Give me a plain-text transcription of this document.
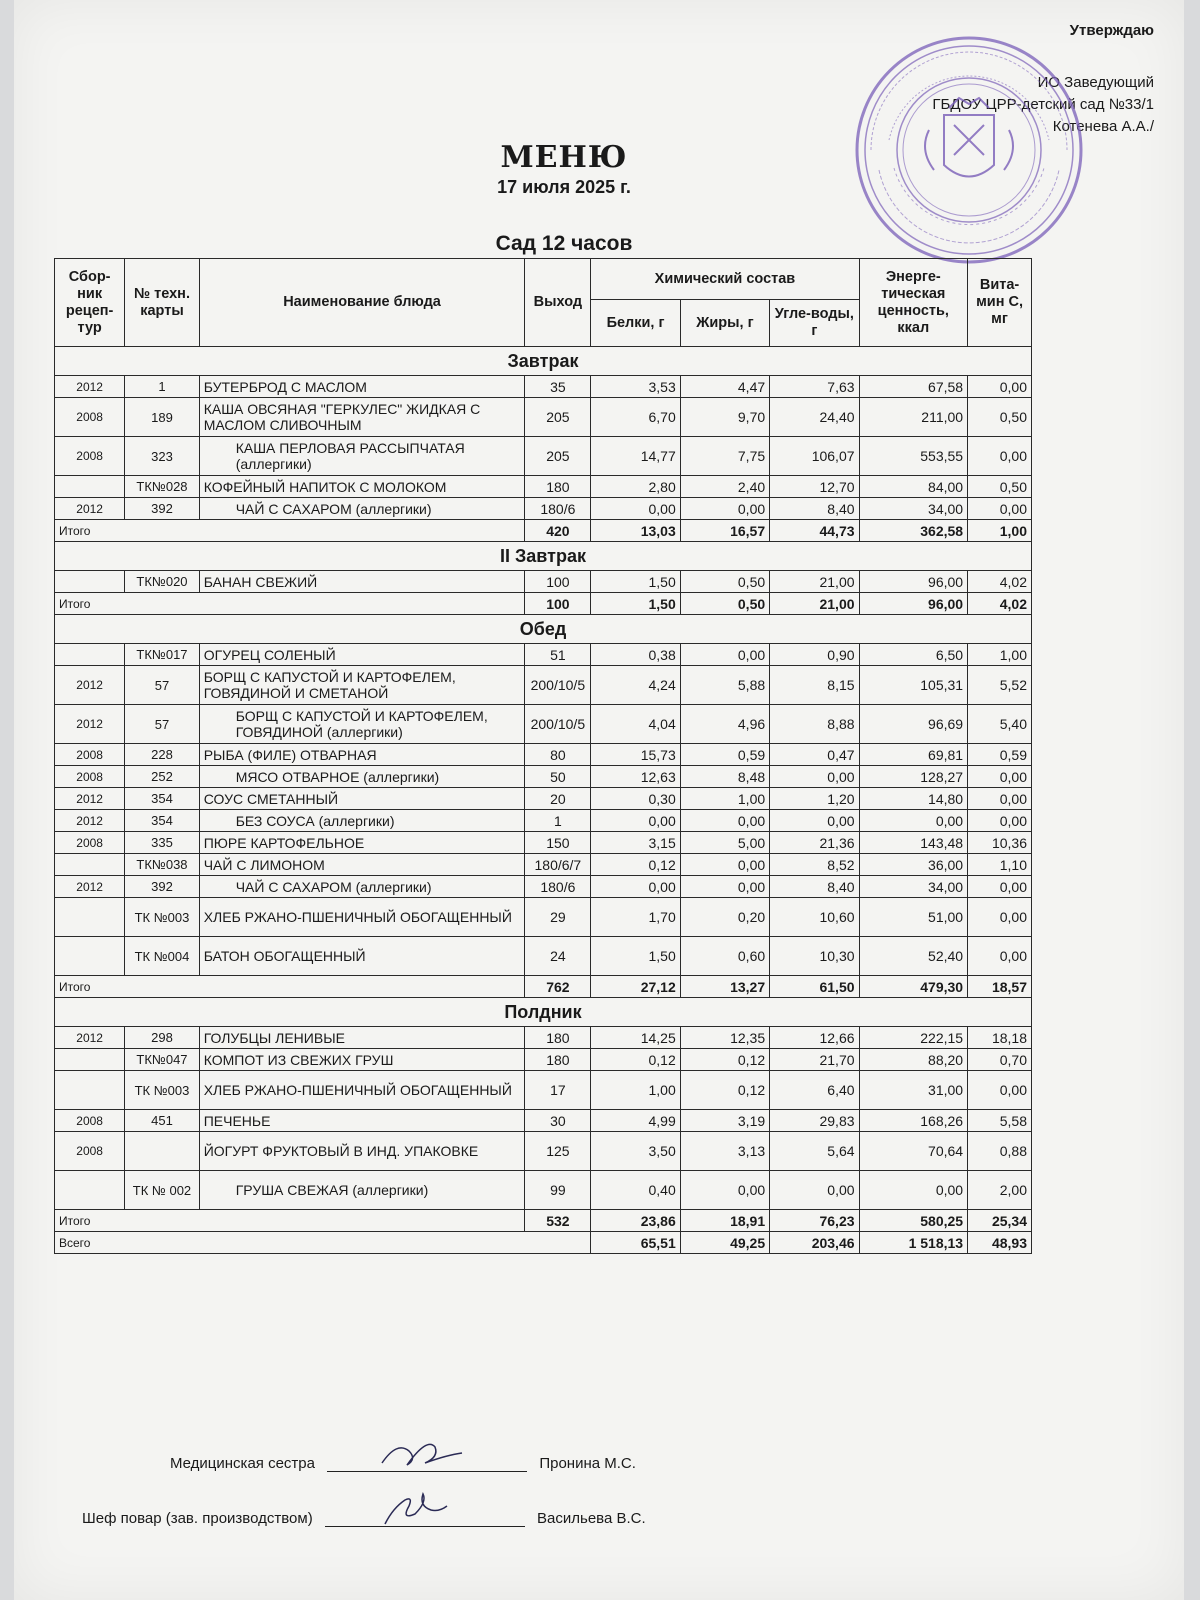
Утверждаю
ИО Заведующий
ГБДОУ ЦРР-детский сад №33/1
Котенева А.А./
МЕНЮ
17 июля 2025 г.
Сад 12 часов
Сбор-ник рецеп-тур	№ техн. карты	Наименование блюда	Выход	Химический состав			Энерге-тическая ценность, ккал	Вита-мин С, мг
				Белки, г	Жиры, г	Угле-воды, г		
Завтрак								
2012	1	БУТЕРБРОД С МАСЛОМ	35	3,53	4,47	7,63	67,58	0,00
2008	189	КАША ОВСЯНАЯ "ГЕРКУЛЕС" ЖИДКАЯ С МАСЛОМ СЛИВОЧНЫМ	205	6,70	9,70	24,40	211,00	0,50
2008	323	КАША ПЕРЛОВАЯ РАССЫПЧАТАЯ (аллергики)	205	14,77	7,75	106,07	553,55	0,00
	ТК№028	КОФЕЙНЫЙ НАПИТОК С МОЛОКОМ	180	2,80	2,40	12,70	84,00	0,50
2012	392	ЧАЙ С САХАРОМ (аллергики)	180/6	0,00	0,00	8,40	34,00	0,00
Итого			420	13,03	16,57	44,73	362,58	1,00
II Завтрак								
	ТК№020	БАНАН СВЕЖИЙ	100	1,50	0,50	21,00	96,00	4,02
Итого			100	1,50	0,50	21,00	96,00	4,02
Обед								
	ТК№017	ОГУРЕЦ СОЛЕНЫЙ	51	0,38	0,00	0,90	6,50	1,00
2012	57	БОРЩ С КАПУСТОЙ И КАРТОФЕЛЕМ, ГОВЯДИНОЙ И СМЕТАНОЙ	200/10/5	4,24	5,88	8,15	105,31	5,52
2012	57	БОРЩ С КАПУСТОЙ И КАРТОФЕЛЕМ, ГОВЯДИНОЙ (аллергики)	200/10/5	4,04	4,96	8,88	96,69	5,40
2008	228	РЫБА (ФИЛЕ) ОТВАРНАЯ	80	15,73	0,59	0,47	69,81	0,59
2008	252	МЯСО ОТВАРНОЕ (аллергики)	50	12,63	8,48	0,00	128,27	0,00
2012	354	СОУС СМЕТАННЫЙ	20	0,30	1,00	1,20	14,80	0,00
2012	354	БЕЗ СОУСА (аллергики)	1	0,00	0,00	0,00	0,00	0,00
2008	335	ПЮРЕ КАРТОФЕЛЬНОЕ	150	3,15	5,00	21,36	143,48	10,36
	ТК№038	ЧАЙ С ЛИМОНОМ	180/6/7	0,12	0,00	8,52	36,00	1,10
2012	392	ЧАЙ С САХАРОМ (аллергики)	180/6	0,00	0,00	8,40	34,00	0,00
	ТК №003	ХЛЕБ РЖАНО-ПШЕНИЧНЫЙ ОБОГАЩЕННЫЙ	29	1,70	0,20	10,60	51,00	0,00
	ТК №004	БАТОН ОБОГАЩЕННЫЙ	24	1,50	0,60	10,30	52,40	0,00
Итого			762	27,12	13,27	61,50	479,30	18,57
Полдник								
2012	298	ГОЛУБЦЫ ЛЕНИВЫЕ	180	14,25	12,35	12,66	222,15	18,18
	ТК№047	КОМПОТ ИЗ СВЕЖИХ ГРУШ	180	0,12	0,12	21,70	88,20	0,70
	ТК №003	ХЛЕБ РЖАНО-ПШЕНИЧНЫЙ ОБОГАЩЕННЫЙ	17	1,00	0,12	6,40	31,00	0,00
2008	451	ПЕЧЕНЬЕ	30	4,99	3,19	29,83	168,26	5,58
2008		ЙОГУРТ ФРУКТОВЫЙ В ИНД. УПАКОВКЕ	125	3,50	3,13	5,64	70,64	0,88
	ТК № 002	ГРУША СВЕЖАЯ (аллергики)	99	0,40	0,00	0,00	0,00	2,00
Итого			532	23,86	18,91	76,23	580,25	25,34
Всего				65,51	49,25	203,46	1 518,13	48,93
Медицинская сестра	Пронина М.С.
Шеф повар (зав. производством)	Васильева В.С.
